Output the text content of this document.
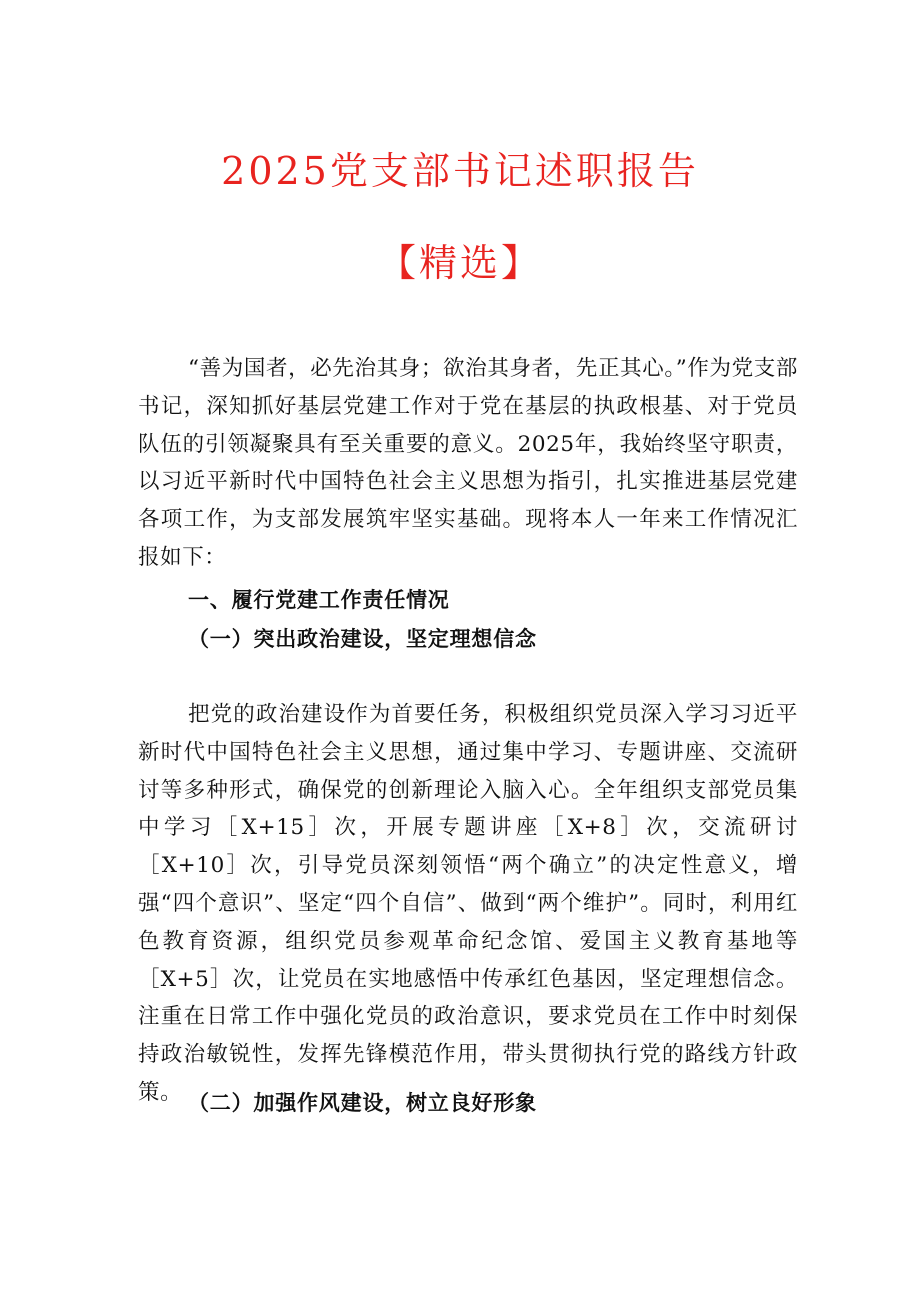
2025党支部书记述职报告
【精选】

“善为国者，必先治其身；欲治其身者，先正其心。”作为党支部书记，深知抓好基层党建工作对于党在基层的执政根基、对于党员队伍的引领凝聚具有至关重要的意义。2025年，我始终坚守职责，以习近平新时代中国特色社会主义思想为指引，扎实推进基层党建各项工作，为支部发展筑牢坚实基础。现将本人一年来工作情况汇报如下：

一、履行党建工作责任情况
（一）突出政治建设，坚定理想信念

把党的政治建设作为首要任务，积极组织党员深入学习习近平新时代中国特色社会主义思想，通过集中学习、专题讲座、交流研讨等多种形式，确保党的创新理论入脑入心。全年组织支部党员集中学习［X+15］次，开展专题讲座［X+8］次，交流研讨［X+10］次，引导党员深刻领悟“两个确立”的决定性意义，增强“四个意识”、坚定“四个自信”、做到“两个维护”。同时，利用红色教育资源，组织党员参观革命纪念馆、爱国主义教育基地等［X+5］次，让党员在实地感悟中传承红色基因，坚定理想信念。注重在日常工作中强化党员的政治意识，要求党员在工作中时刻保持政治敏锐性，发挥先锋模范作用，带头贯彻执行党的路线方针政策。 （二）加强作风建设，树立良好形象
